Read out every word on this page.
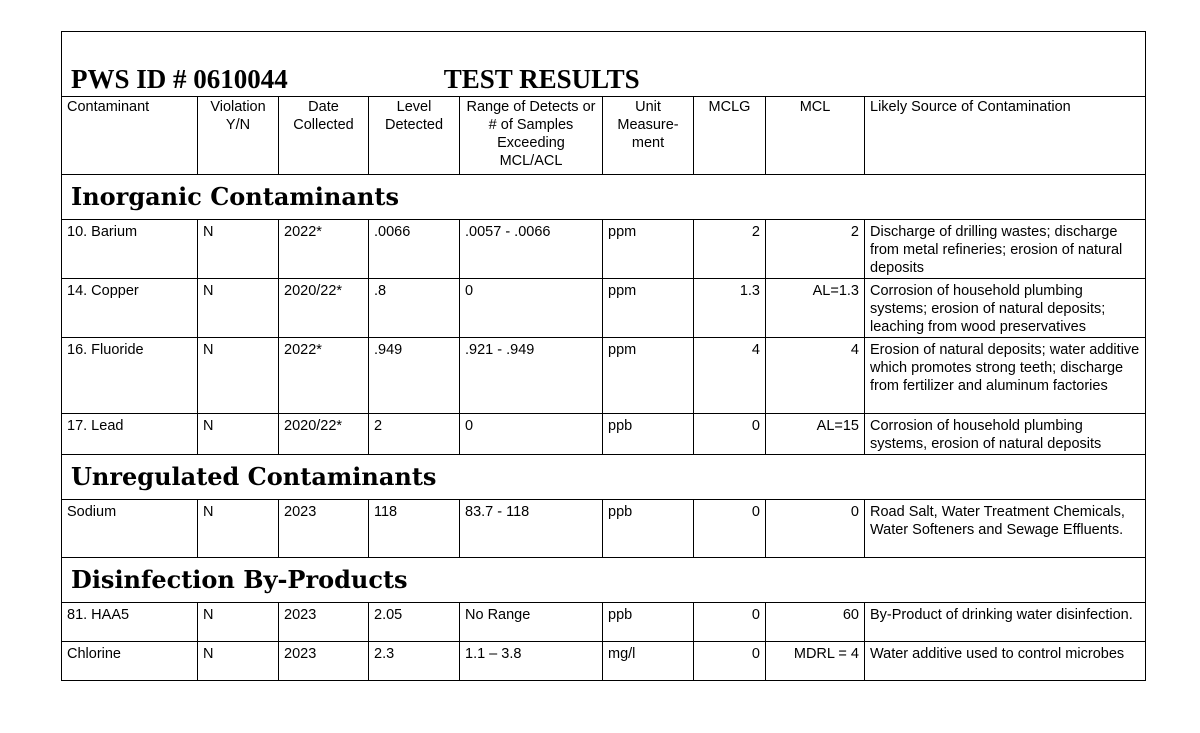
PWS ID # 0610044 TEST RESULTS								
Contaminant	Violation Y/N	Date Collected	Level Detected	Range of Detects or # of Samples Exceeding MCL/ACL	Unit Measure-ment	MCLG	MCL	Likely Source of Contamination
Inorganic Contaminants								
10. Barium	N	2022*	.0066	.0057 - .0066	ppm	2	2	Discharge of drilling wastes; discharge from metal refineries; erosion of natural deposits
14. Copper	N	2020/22*	.8	0	ppm	1.3	AL=1.3	Corrosion of household plumbing systems; erosion of natural deposits; leaching from wood preservatives
16. Fluoride	N	2022*	.949	.921 - .949	ppm	4	4	Erosion of natural deposits; water additive which promotes strong teeth; discharge from fertilizer and aluminum factories
17. Lead	N	2020/22*	2	0	ppb	0	AL=15	Corrosion of household plumbing systems, erosion of natural deposits
Unregulated Contaminants								
Sodium	N	2023	118	83.7 - 118	ppb	0	0	Road Salt, Water Treatment Chemicals, Water Softeners and Sewage Effluents.
Disinfection By-Products								
81. HAA5	N	2023	2.05	No Range	ppb	0	60	By-Product of drinking water disinfection.
Chlorine	N	2023	2.3	1.1 – 3.8	mg/l	0	MDRL = 4	Water additive used to control microbes
